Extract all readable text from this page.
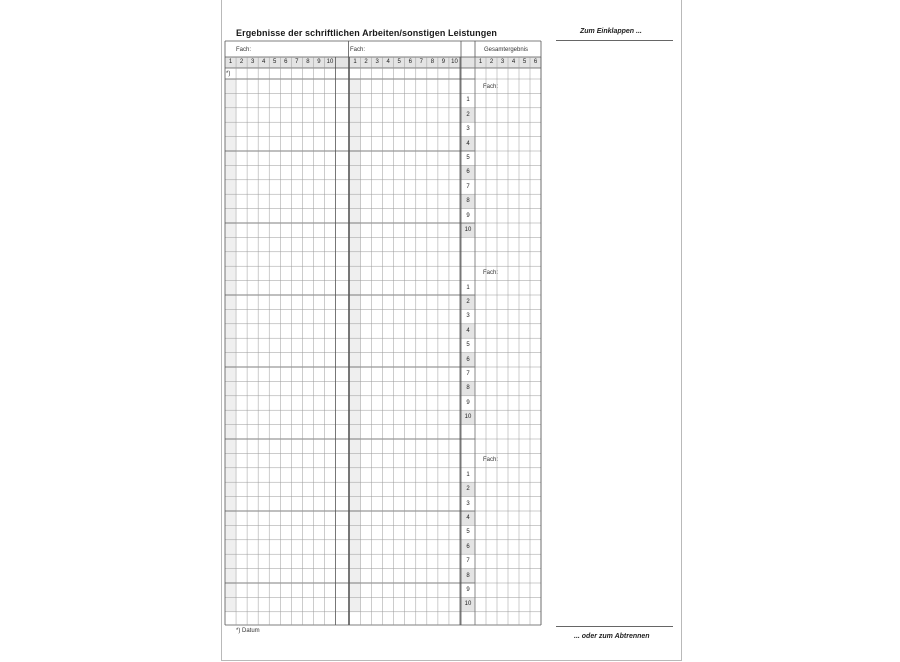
Ergebnisse der schriftlichen Arbeiten/sonstigen Leistungen
Fach:	Fach:	Gesamtergebnis
*)
Fach:
Fach:
Fach:
1	2	3	4	5	6	7	8	9	10	1	2	3	4	5	6	7	8	9	10	1	2	3	4	5	6
1
2
3
4
5
6
7
8
9
10
1
2
3
4
5
6
7
8
9
10
1
2
3
4
5
6
7
8
9
10
*) Datum
Zum Einklappen ...
... oder zum Abtrennen
